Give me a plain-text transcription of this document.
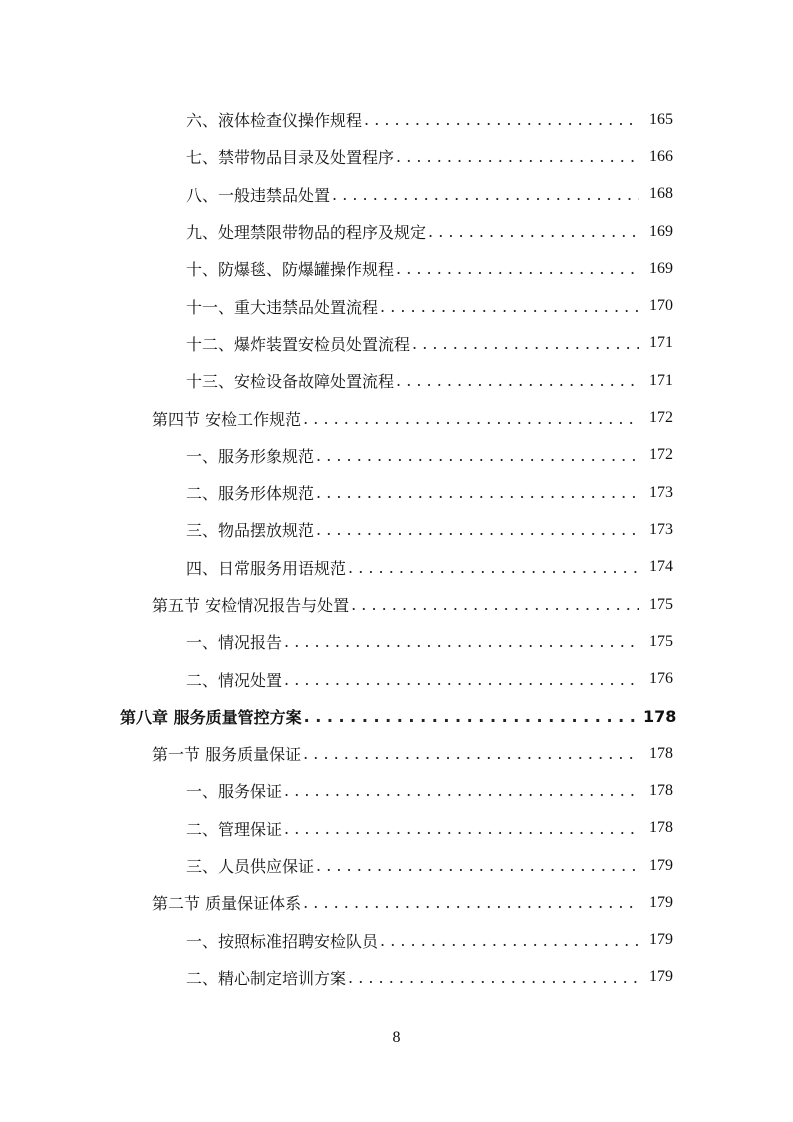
六、液体检查仪操作规程 . . .	165
七、禁带物品目录及处置程序 . . .	166
八、一般违禁品处置 . . .	168
九、处理禁限带物品的程序及规定 . . .	169
十、防爆毯、防爆罐操作规程 . . .	169
十一、重大违禁品处置流程 . . .	170
十二、爆炸装置安检员处置流程 . . .	171
十三、安检设备故障处置流程 . . .	171
第四节 安检工作规范 . . .	172
一、服务形象规范 . . .	172
二、服务形体规范 . . .	173
三、物品摆放规范 . . .	173
四、日常服务用语规范 . . .	174
第五节 安检情况报告与处置 . . .	175
一、情况报告 . . .	175
二、情况处置 . . .	176
第八章 服务质量管控方案 . . .	178
第一节 服务质量保证 . . .	178
一、服务保证 . . .	178
二、管理保证 . . .	178
三、人员供应保证 . . .	179
第二节 质量保证体系 . . .	179
一、按照标准招聘安检队员 . . .	179
二、精心制定培训方案 . . .	179
8
